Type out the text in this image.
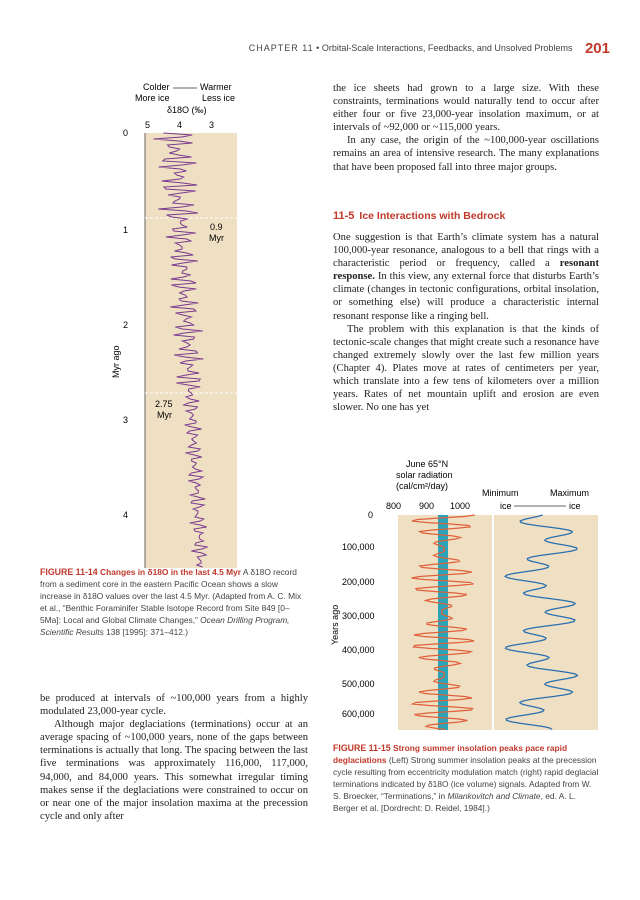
CHAPTER 11 • Orbital-Scale Interactions, Feedbacks, and Unsolved Problems 201
Colder
More ice
Warmer
Less ice
δ18O (‰)
5	4	3
0
1
2
3
4
Myr ago
0.9
Myr
2.75
Myr
FIGURE 11-14 Changes in δ18O in the last 4.5 Myr A δ18O record from a sediment core in the eastern Pacific Ocean shows a slow increase in δ18O values over the last 4.5 Myr. (Adapted from A. C. Mix et al., “Benthic Foraminifer Stable Isotope Record from Site 849 [0–5Ma]: Local and Global Climate Changes,” Ocean Drilling Program, Scientific Results 138 [1995]: 371–412.)

be produced at intervals of ~100,000 years from a highly modulated 23,000-year cycle.

Although major deglaciations (terminations) occur at an average spacing of ~100,000 years, none of the gaps between terminations is actually that long. The spacing between the last five terminations was approximately 116,000, 117,000, 94,000, and 84,000 years. This somewhat irregular timing makes sense if the deglaciations were constrained to occur on or near one of the major insolation maxima at the precession cycle and only after

the ice sheets had grown to a large size. With these constraints, terminations would naturally tend to occur after either four or five 23,000-year insolation maximum, or at intervals of ~92,000 or ~115,000 years.

In any case, the origin of the ~100,000-year oscillations remains an area of intensive research. The many explanations that have been proposed fall into three major groups.

11-5 Ice Interactions with Bedrock

One suggestion is that Earth’s climate system has a natural 100,000-year resonance, analogous to a bell that rings with a characteristic period or frequency, called a resonant response. In this view, any external force that disturbs Earth’s climate (changes in tectonic configurations, orbital insolation, or something else) will produce a characteristic internal resonant response like a ringing bell.

The problem with this explanation is that the kinds of tectonic-scale changes that might create such a resonance have changed extremely slowly over the last few million years (Chapter 4). Plates move at rates of centimeters per year, which translate into a few tens of kilometers over a million years. Rates of net mountain uplift and erosion are even slower. No one has yet

June 65°N
solar radiation
(cal/cm²/day)
800 900 1000
Minimum	Maximum
ice	ice
0
100,000
200,000
300,000
400,000
500,000
600,000
Years ago
FIGURE 11-15 Strong summer insolation peaks pace rapid deglaciations (Left) Strong summer insolation peaks at the precession cycle resulting from eccentricity modulation match (right) rapid deglacial terminations indicated by δ18O (ice volume) signals. Adapted from W. S. Broecker, “Terminations,” in Milankovitch and Climate, ed. A. L. Berger et al. [Dordrecht: D. Reidel, 1984].)
